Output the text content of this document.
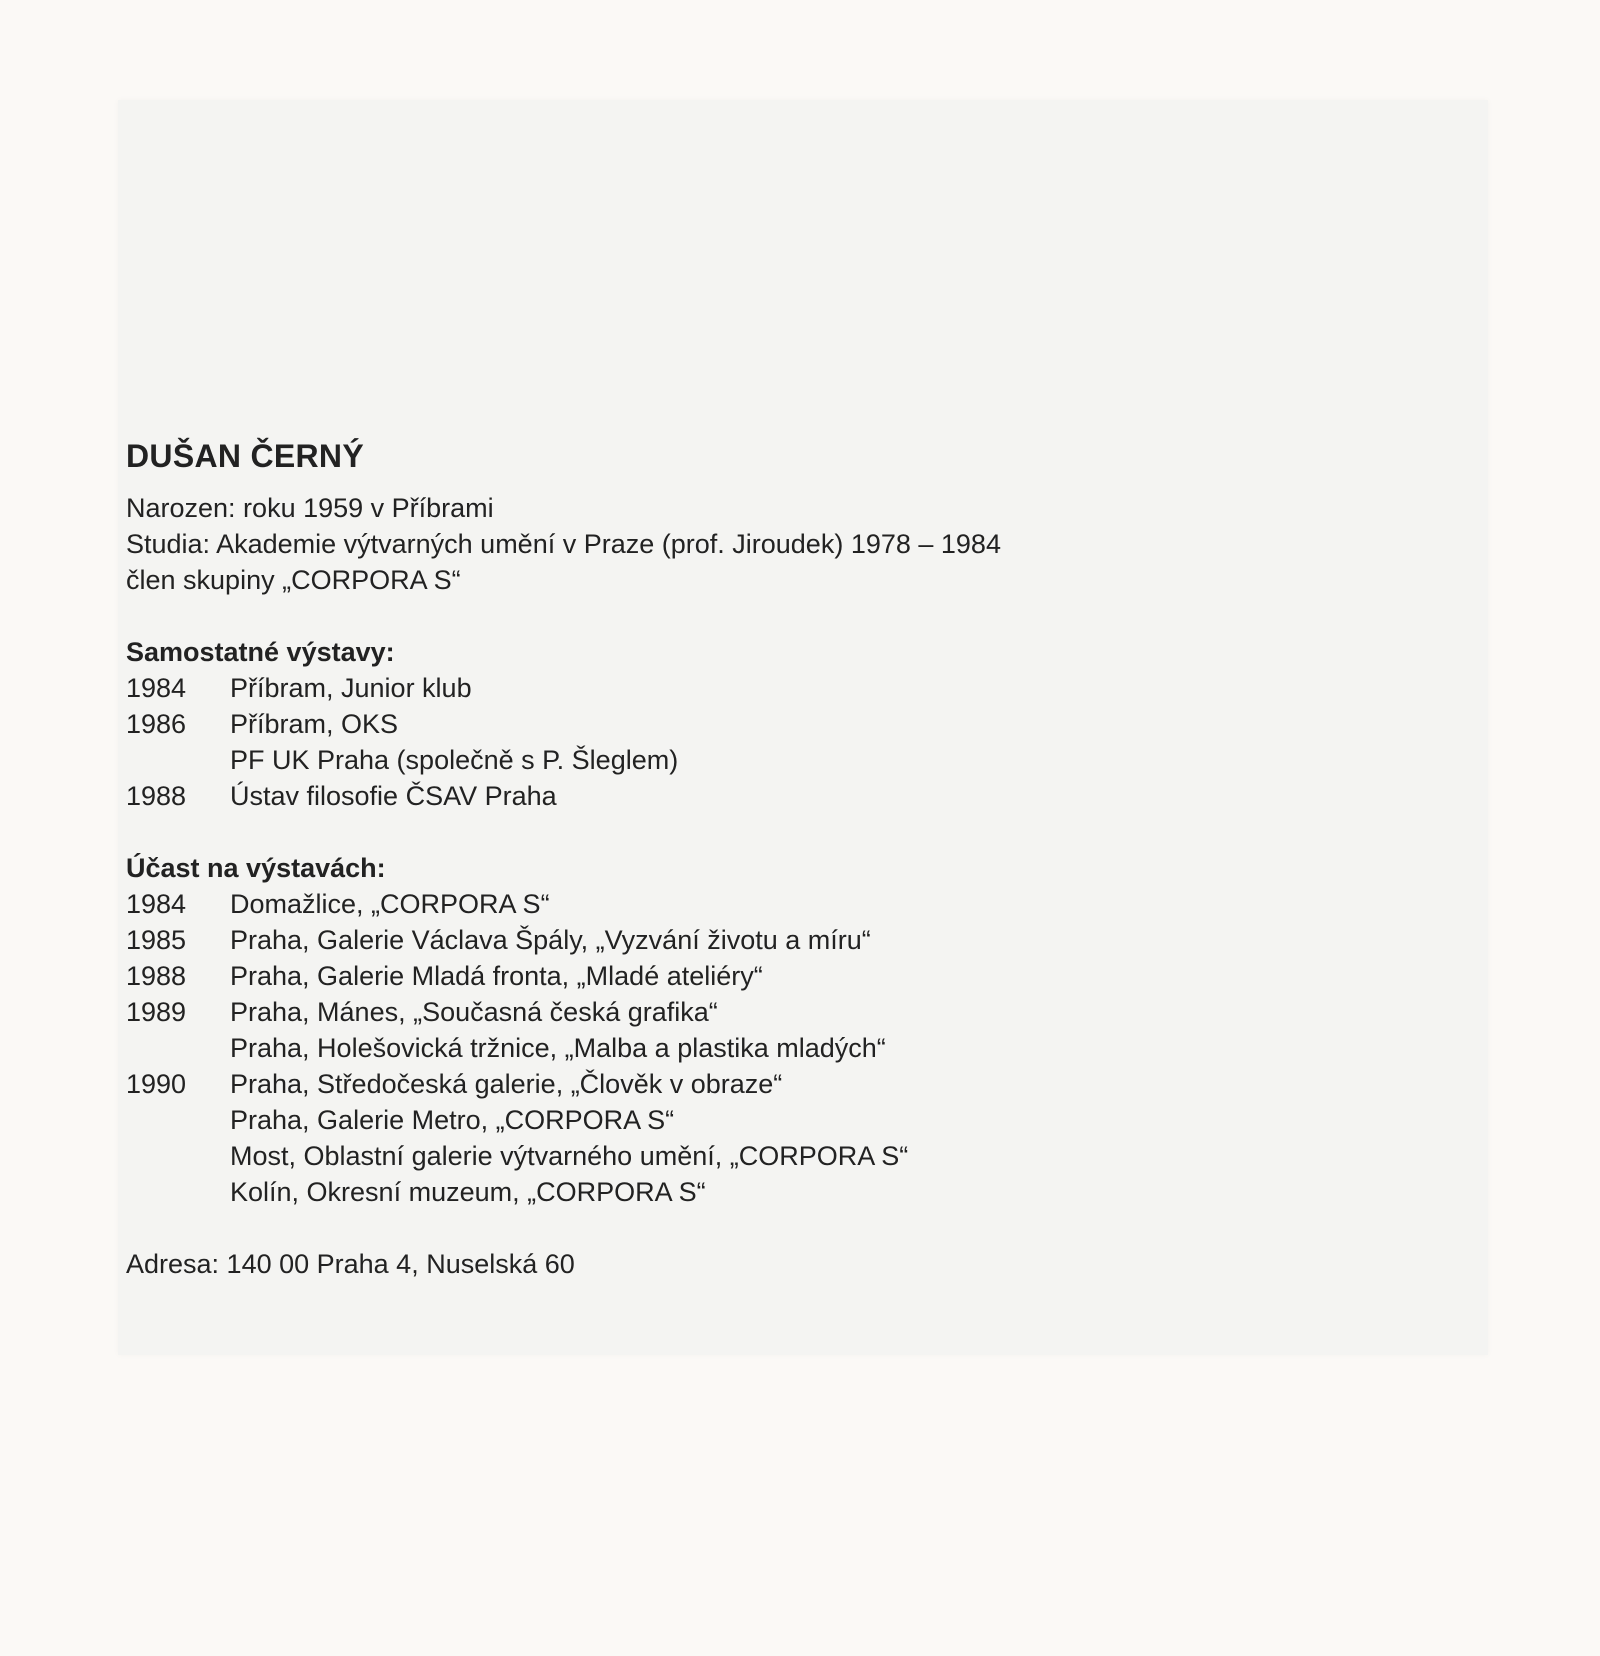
DUŠAN ČERNÝ
Narozen: roku 1959 v Příbrami
Studia: Akademie výtvarných umění v Praze (prof. Jiroudek) 1978 – 1984
člen skupiny „CORPORA S“
Samostatné výstavy:
1984	Příbram, Junior klub
1986	Příbram, OKS
PF UK Praha (společně s P. Šleglem)
1988	Ústav filosofie ČSAV Praha
Účast na výstavách:
1984	Domažlice, „CORPORA S“
1985	Praha, Galerie Václava Špály, „Vyzvání životu a míru“
1988	Praha, Galerie Mladá fronta, „Mladé ateliéry“
1989	Praha, Mánes, „Současná česká grafika“
Praha, Holešovická tržnice, „Malba a plastika mladých“
1990	Praha, Středočeská galerie, „Člověk v obraze“
Praha, Galerie Metro, „CORPORA S“
Most, Oblastní galerie výtvarného umění, „CORPORA S“
Kolín, Okresní muzeum, „CORPORA S“
Adresa: 140 00 Praha 4, Nuselská 60
